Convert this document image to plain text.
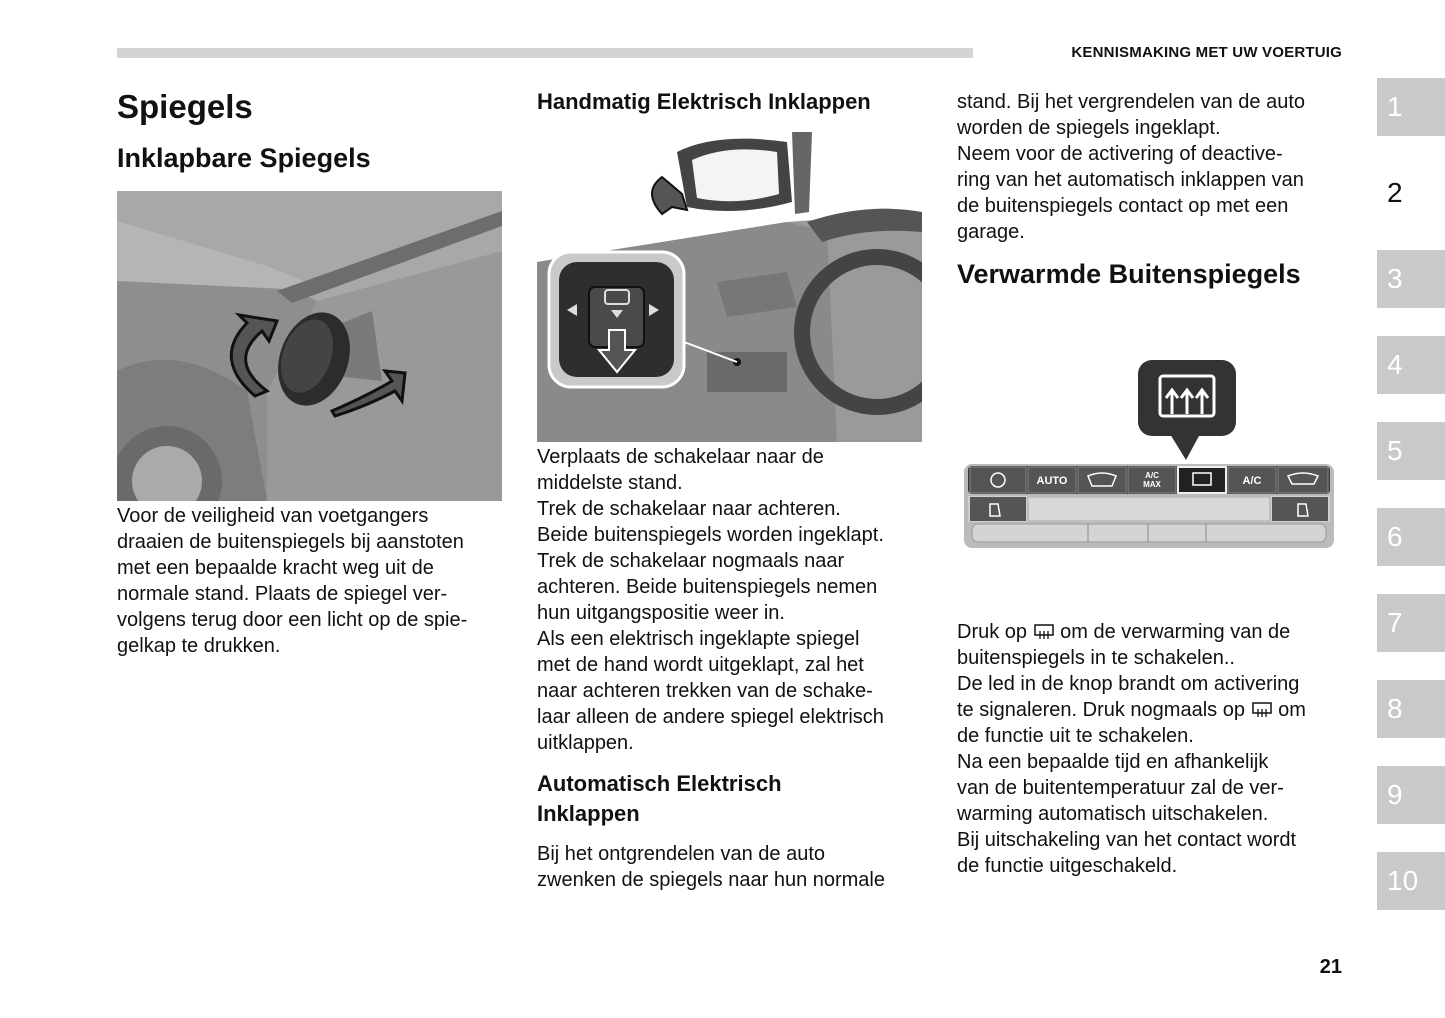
KENNISMAKING MET UW VOERTUIG
Spiegels
Inklapbare Spiegels
Voor de veiligheid van voetgangers
draaien de buitenspiegels bij aanstoten
met een bepaalde kracht weg uit de
normale stand. Plaats de spiegel ver-
volgens terug door een licht op de spie-
gelkap te drukken.
Handmatig Elektrisch Inklappen
Verplaats de schakelaar naar de
middelste stand.
Trek de schakelaar naar achteren.
Beide buitenspiegels worden ingeklapt.
Trek de schakelaar nogmaals naar
achteren. Beide buitenspiegels nemen
hun uitgangspositie weer in.
Als een elektrisch ingeklapte spiegel
met de hand wordt uitgeklapt, zal het
naar achteren trekken van de schake-
laar alleen de andere spiegel elektrisch
uitklappen.
Automatisch Elektrisch
Inklappen
Bij het ontgrendelen van de auto
zwenken de spiegels naar hun normale
stand. Bij het vergrendelen van de auto
worden de spiegels ingeklapt.
Neem voor de activering of deactive-
ring van het automatisch inklappen van
de buitenspiegels contact op met een
garage.
Verwarmde Buitenspiegels
AUTO	A/C
MAX	A/C
Druk op om de verwarming van de
buitenspiegels in te schakelen..
De led in de knop brandt om activering
te signaleren. Druk nogmaals op om
de functie uit te schakelen.
Na een bepaalde tijd en afhankelijk
van de buitentemperatuur zal de ver-
warming automatisch uitschakelen.
Bij uitschakeling van het contact wordt
de functie uitgeschakeld.
1
2
3
4
5
6
7
8
9
10
21
